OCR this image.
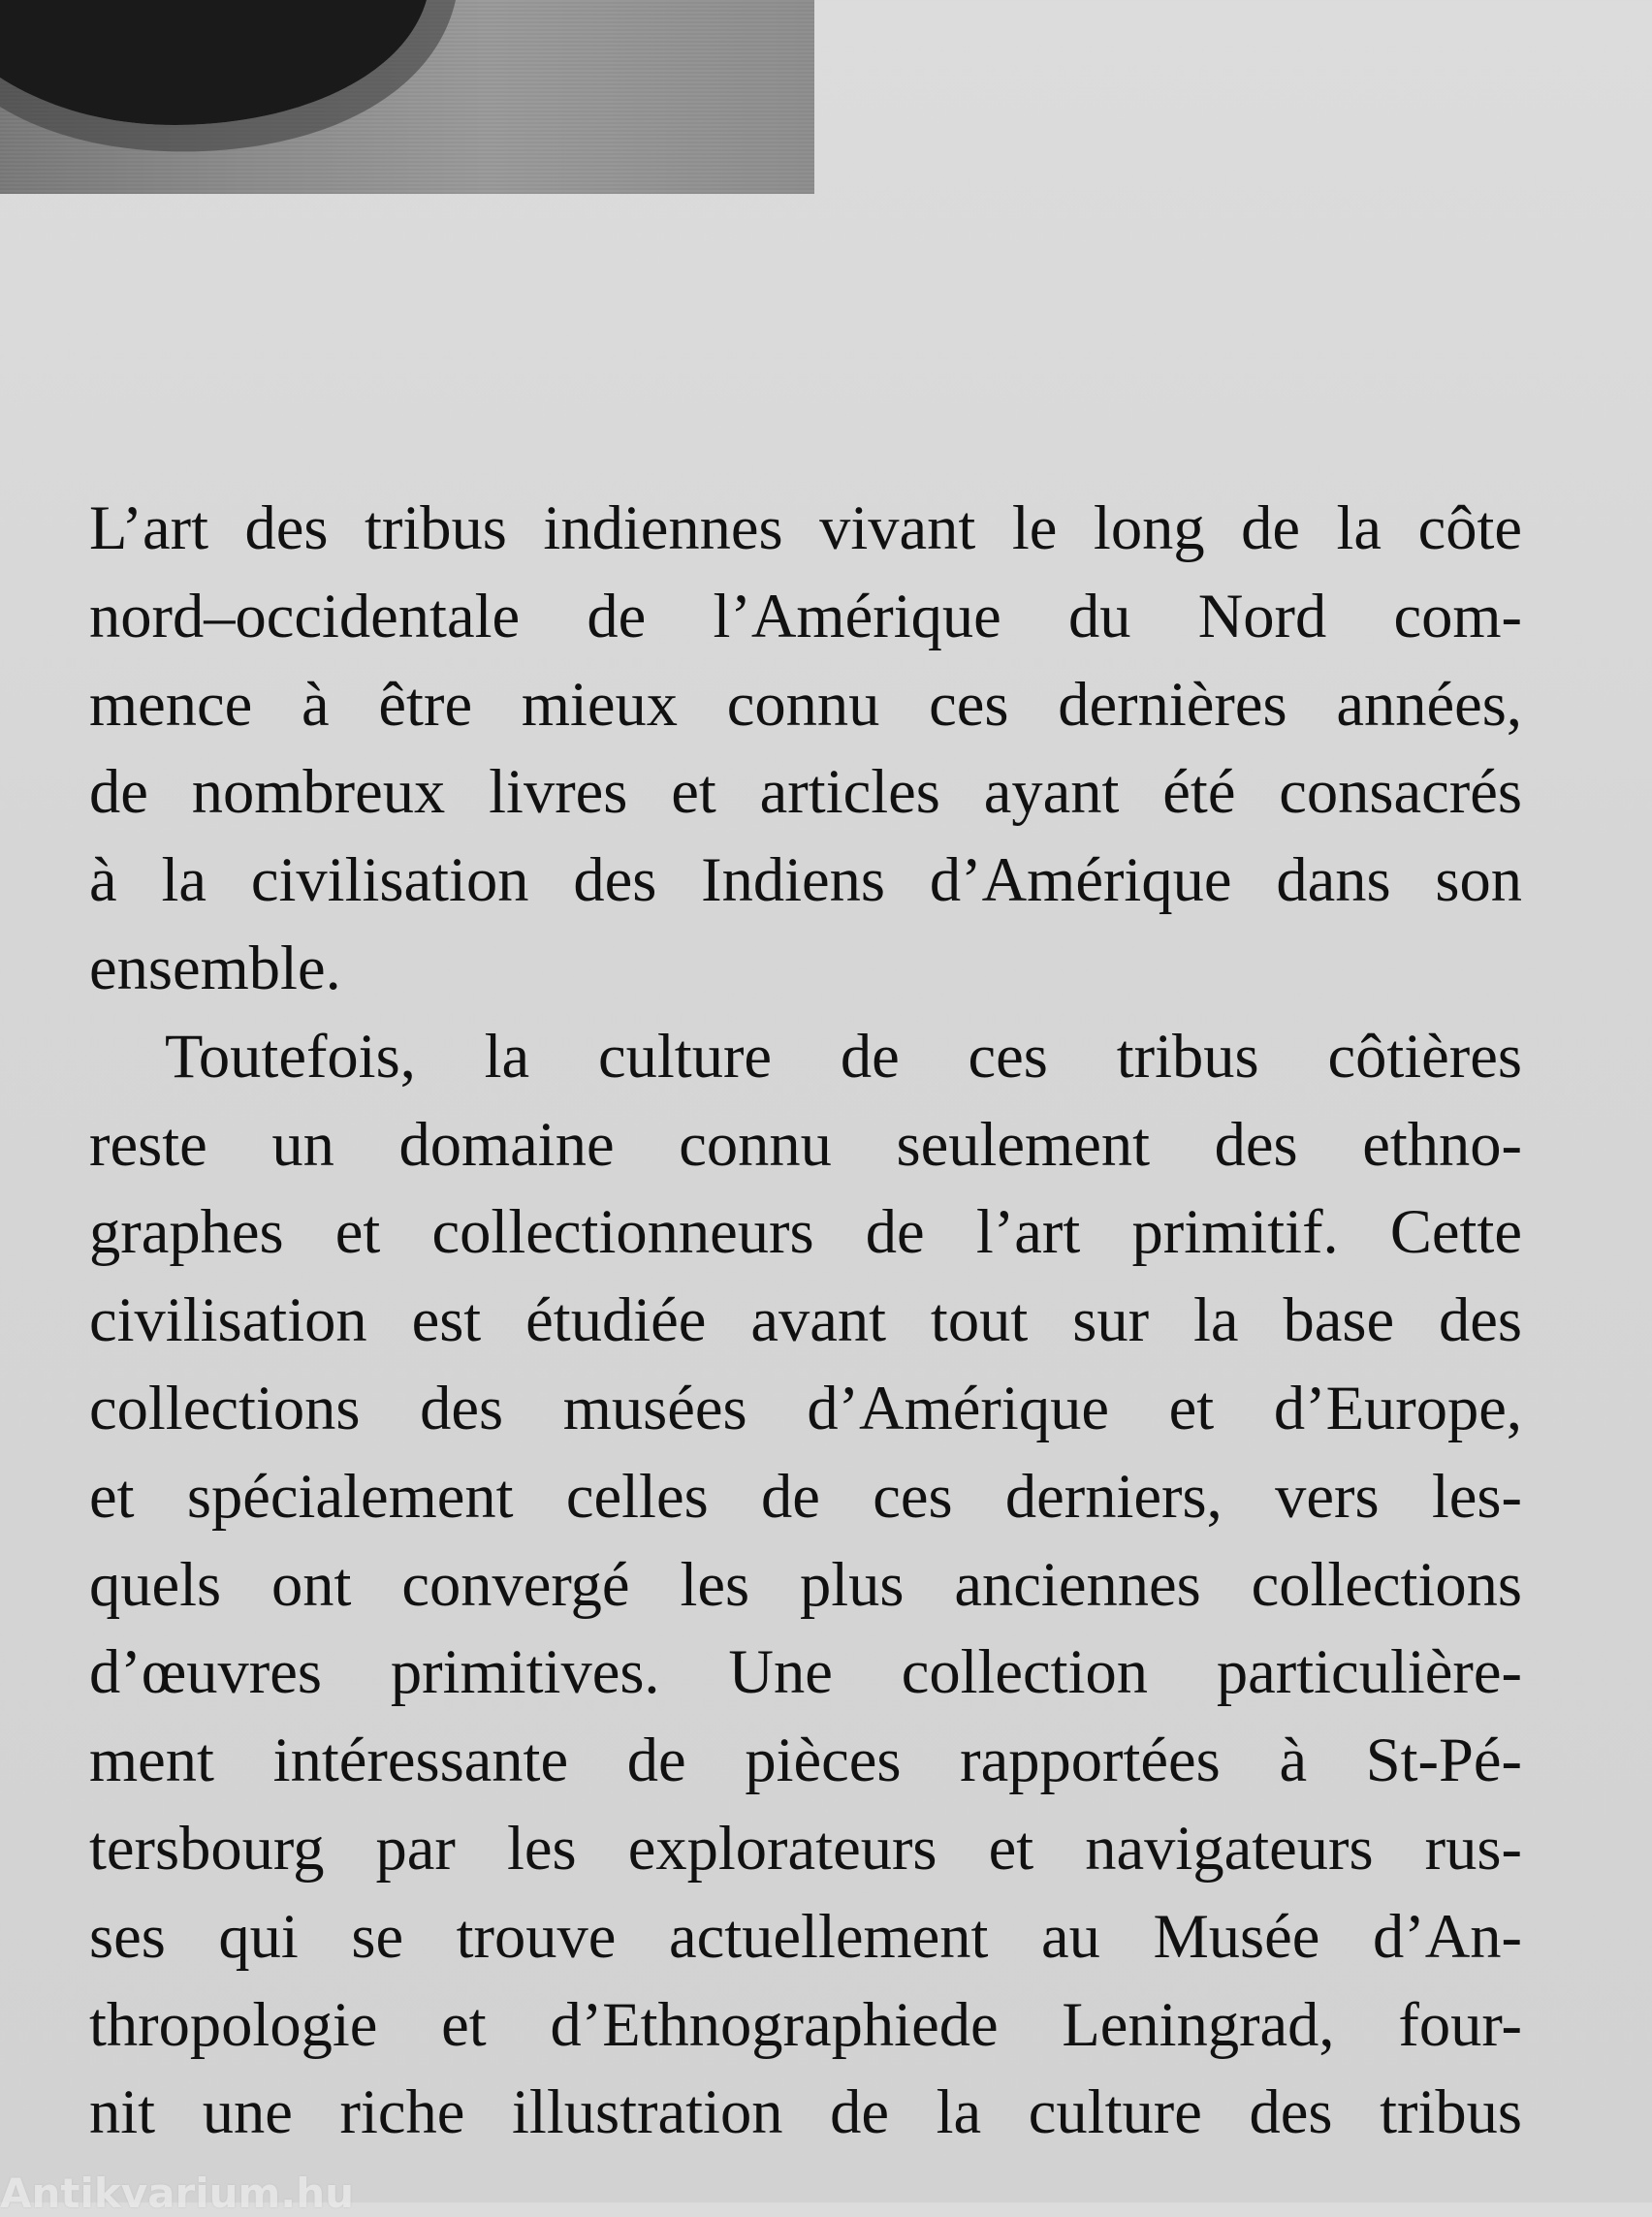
L’art des tribus indiennes vivant le long de la côte
nord–occidentale de l’Amérique du Nord com-
mence à être mieux connu ces dernières années,
de nombreux livres et articles ayant été consacrés
à la civilisation des Indiens d’Amérique dans son
ensemble.
Toutefois, la culture de ces tribus côtières
reste un domaine connu seulement des ethno-
graphes et collectionneurs de l’art primitif. Cette
civilisation est étudiée avant tout sur la base des
collections des musées d’Amérique et d’Europe,
et spécialement celles de ces derniers, vers les-
quels ont convergé les plus anciennes collections
d’œuvres primitives. Une collection particulière-
ment intéressante de pièces rapportées à St-Pé-
tersbourg par les explorateurs et navigateurs rus-
ses qui se trouve actuellement au Musée d’An-
thropologie et d’Ethnographiede Leningrad, four-
nit une riche illustration de la culture des tribus
Antikvarium.hu
